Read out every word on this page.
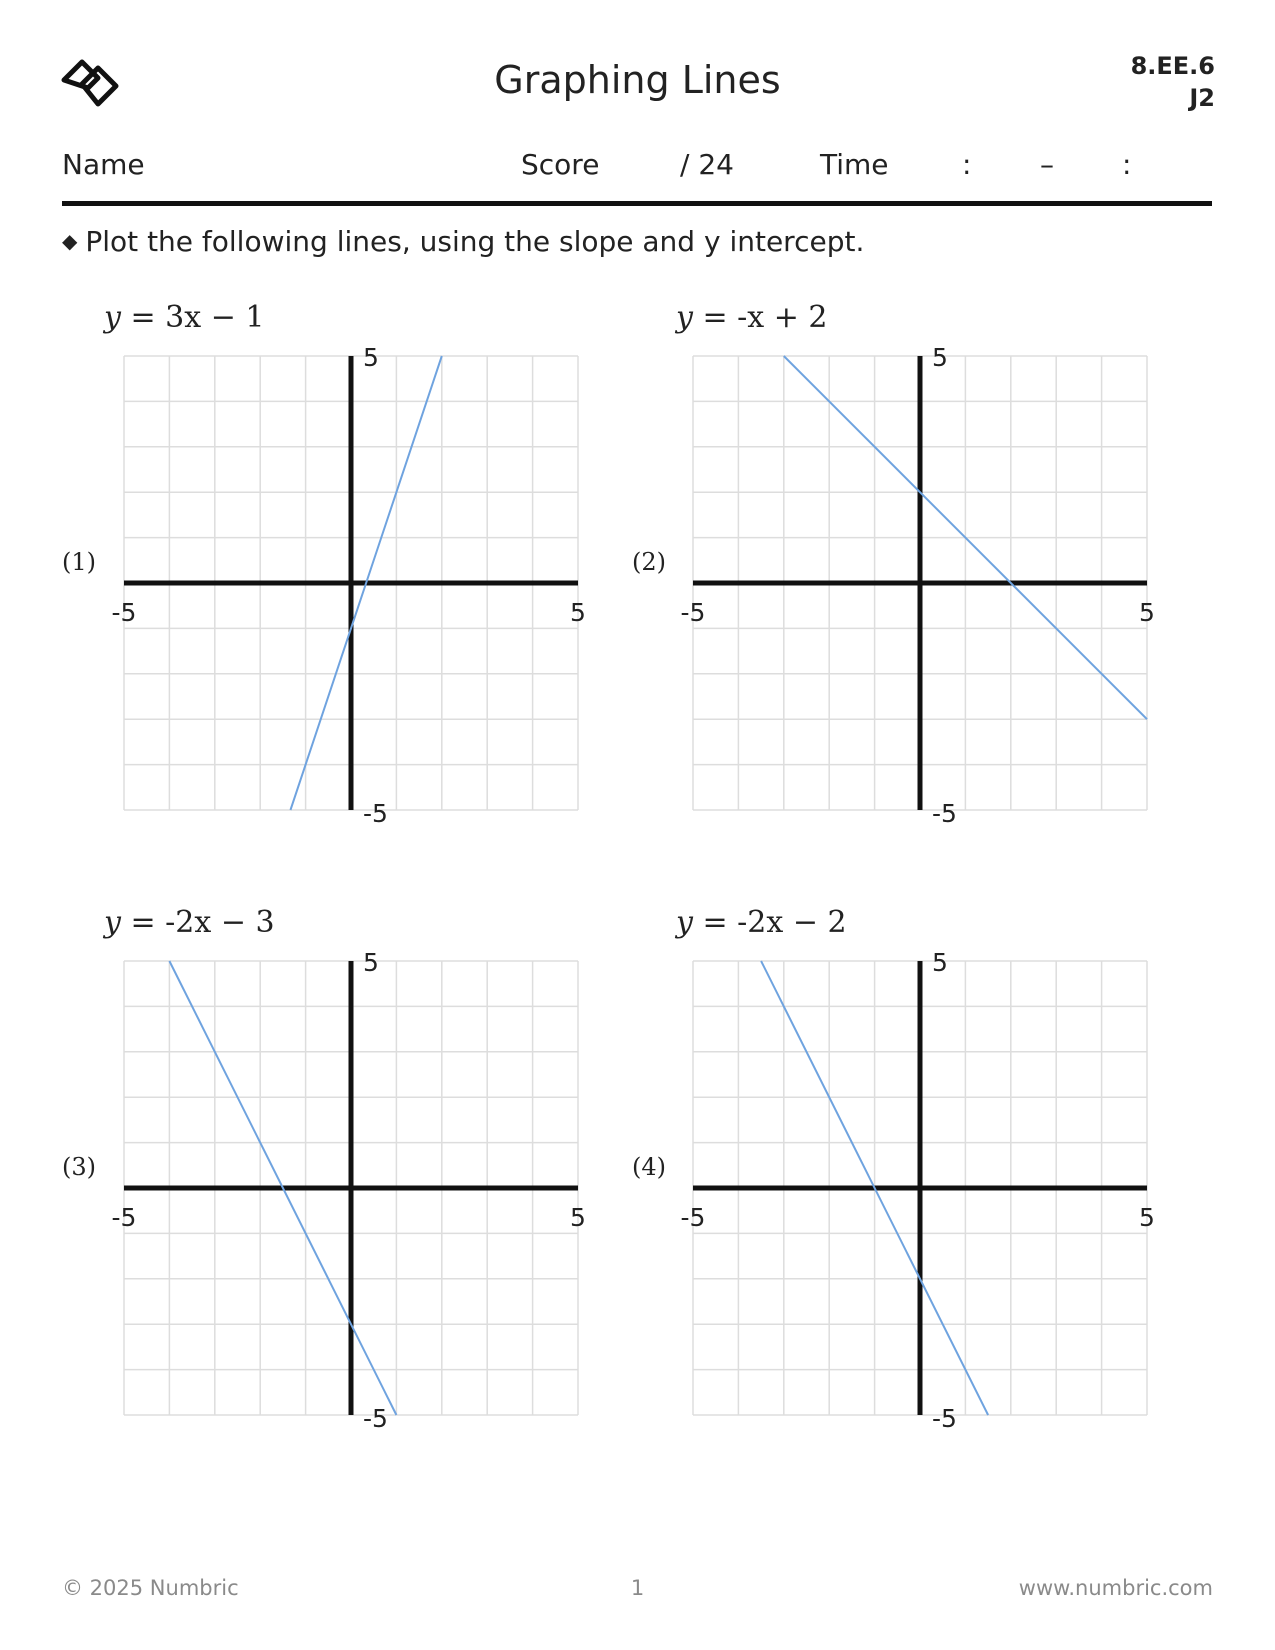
Graphing Lines	8.EE.6
J2
Name	Score	/ 24	Time	: – :
◆ Plot the following lines, using the slope and y intercept.
y = 3x − 1
(1)
-5	5
5
-5
y = -x + 2
(2)
-5	5
5
-5
y = -2x − 3
(3)
-5	5
5
-5
y = -2x − 2
(4)
-5	5
5
-5
© 2025 Numbric	1	www.numbric.com
